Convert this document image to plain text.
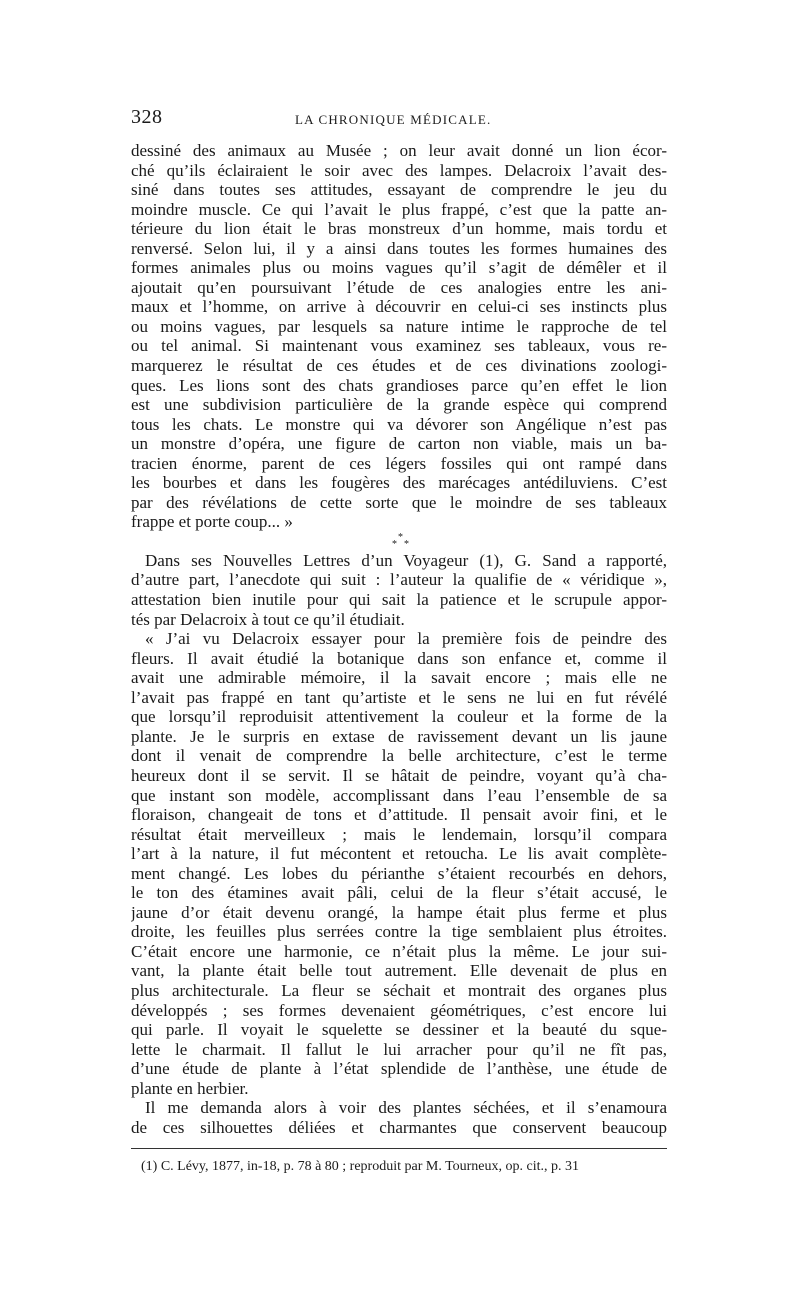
328	LA CHRONIQUE MÉDICALE.
dessiné des animaux au Musée ; on leur avait donné un lion écor-
ché qu’ils éclairaient le soir avec des lampes. Delacroix l’avait des-
siné dans toutes ses attitudes, essayant de comprendre le jeu du
moindre muscle. Ce qui l’avait le plus frappé, c’est que la patte an-
térieure du lion était le bras monstreux d’un homme, mais tordu et
renversé. Selon lui, il y a ainsi dans toutes les formes humaines des
formes animales plus ou moins vagues qu’il s’agit de démêler et il
ajoutait qu’en poursuivant l’étude de ces analogies entre les ani-
maux et l’homme, on arrive à découvrir en celui-ci ses instincts plus
ou moins vagues, par lesquels sa nature intime le rapproche de tel
ou tel animal. Si maintenant vous examinez ses tableaux, vous re-
marquerez le résultat de ces études et de ces divinations zoologi-
ques. Les lions sont des chats grandioses parce qu’en effet le lion
est une subdivision particulière de la grande espèce qui comprend
tous les chats. Le monstre qui va dévorer son Angélique n’est pas
un monstre d’opéra, une figure de carton non viable, mais un ba-
tracien énorme, parent de ces légers fossiles qui ont rampé dans
les bourbes et dans les fougères des marécages antédiluviens. C’est
par des révélations de cette sorte que le moindre de ses tableaux
frappe et porte coup... »
*
* *
Dans ses Nouvelles Lettres d’un Voyageur (1), G. Sand a rapporté,
d’autre part, l’anecdote qui suit : l’auteur la qualifie de « véridique »,
attestation bien inutile pour qui sait la patience et le scrupule appor-
tés par Delacroix à tout ce qu’il étudiait.
« J’ai vu Delacroix essayer pour la première fois de peindre des
fleurs. Il avait étudié la botanique dans son enfance et, comme il
avait une admirable mémoire, il la savait encore ; mais elle ne
l’avait pas frappé en tant qu’artiste et le sens ne lui en fut révélé
que lorsqu’il reproduisit attentivement la couleur et la forme de la
plante. Je le surpris en extase de ravissement devant un lis jaune
dont il venait de comprendre la belle architecture, c’est le terme
heureux dont il se servit. Il se hâtait de peindre, voyant qu’à cha-
que instant son modèle, accomplissant dans l’eau l’ensemble de sa
floraison, changeait de tons et d’attitude. Il pensait avoir fini, et le
résultat était merveilleux ; mais le lendemain, lorsqu’il compara
l’art à la nature, il fut mécontent et retoucha. Le lis avait complète-
ment changé. Les lobes du périanthe s’étaient recourbés en dehors,
le ton des étamines avait pâli, celui de la fleur s’était accusé, le
jaune d’or était devenu orangé, la hampe était plus ferme et plus
droite, les feuilles plus serrées contre la tige semblaient plus étroites.
C’était encore une harmonie, ce n’était plus la même. Le jour sui-
vant, la plante était belle tout autrement. Elle devenait de plus en
plus architecturale. La fleur se séchait et montrait des organes plus
développés ; ses formes devenaient géométriques, c’est encore lui
qui parle. Il voyait le squelette se dessiner et la beauté du sque-
lette le charmait. Il fallut le lui arracher pour qu’il ne fît pas,
d’une étude de plante à l’état splendide de l’anthèse, une étude de
plante en herbier.
Il me demanda alors à voir des plantes séchées, et il s’enamoura
de ces silhouettes déliées et charmantes que conservent beaucoup
(1) C. Lévy, 1877, in-18, p. 78 à 80 ; reproduit par M. Tourneux, op. cit., p. 31
